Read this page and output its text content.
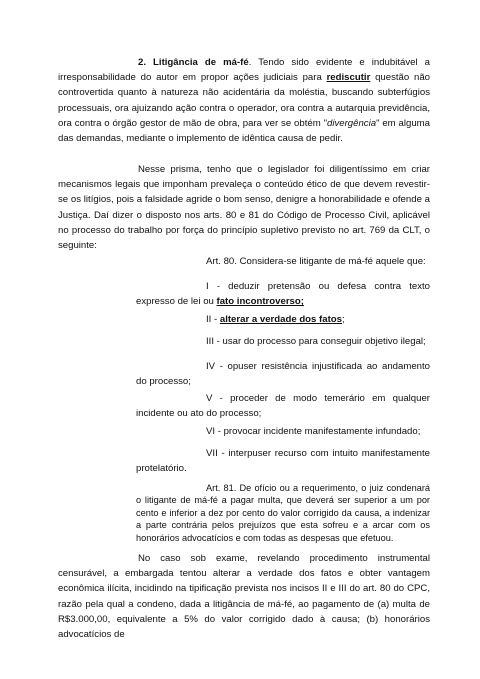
2. Litigância de má-fé. Tendo sido evidente e indubitável a irresponsabilidade do autor em propor ações judiciais para rediscutir questão não controvertida quanto à natureza não acidentária da moléstia, buscando subterfúgios processuais, ora ajuizando ação contra o operador, ora contra a autarquia previdência, ora contra o órgão gestor de mão de obra, para ver se obtém "divergência" em alguma das demandas, mediante o implemento de idêntica causa de pedir.

Nesse prisma, tenho que o legislador foi diligentíssimo em criar mecanismos legais que imponham prevaleça o conteúdo ético de que devem revestir-se os litígios, pois a falsidade agride o bom senso, denigre a honorabilidade e ofende a Justiça. Daí dizer o disposto nos arts. 80 e 81 do Código de Processo Civil, aplicável no processo do trabalho por força do princípio supletivo previsto no art. 769 da CLT, o seguinte:

Art. 80. Considera-se litigante de má-fé aquele que:

I - deduzir pretensão ou defesa contra texto expresso de lei ou fato incontroverso;

II - alterar a verdade dos fatos;

III - usar do processo para conseguir objetivo ilegal;

IV - opuser resistência injustificada ao andamento do processo;

V - proceder de modo temerário em qualquer incidente ou ato do processo;

VI - provocar incidente manifestamente infundado;

VII - interpuser recurso com intuito manifestamente protelatório.

Art. 81. De ofício ou a requerimento, o juiz condenará o litigante de má-fé a pagar multa, que deverá ser superior a um por cento e inferior a dez por cento do valor corrigido da causa, a indenizar a parte contrária pelos prejuízos que esta sofreu e a arcar com os honorários advocatícios e com todas as despesas que efetuou.

No caso sob exame, revelando procedimento instrumental censurável, a embargada tentou alterar a verdade dos fatos e obter vantagem econômica ilícita, incidindo na tipificação prevista nos incisos II e III do art. 80 do CPC, razão pela qual a condeno, dada a litigância de má-fé, ao pagamento de (a) multa de R$3.000,00, equivalente a 5% do valor corrigido dado à causa; (b) honorários advocatícios de
